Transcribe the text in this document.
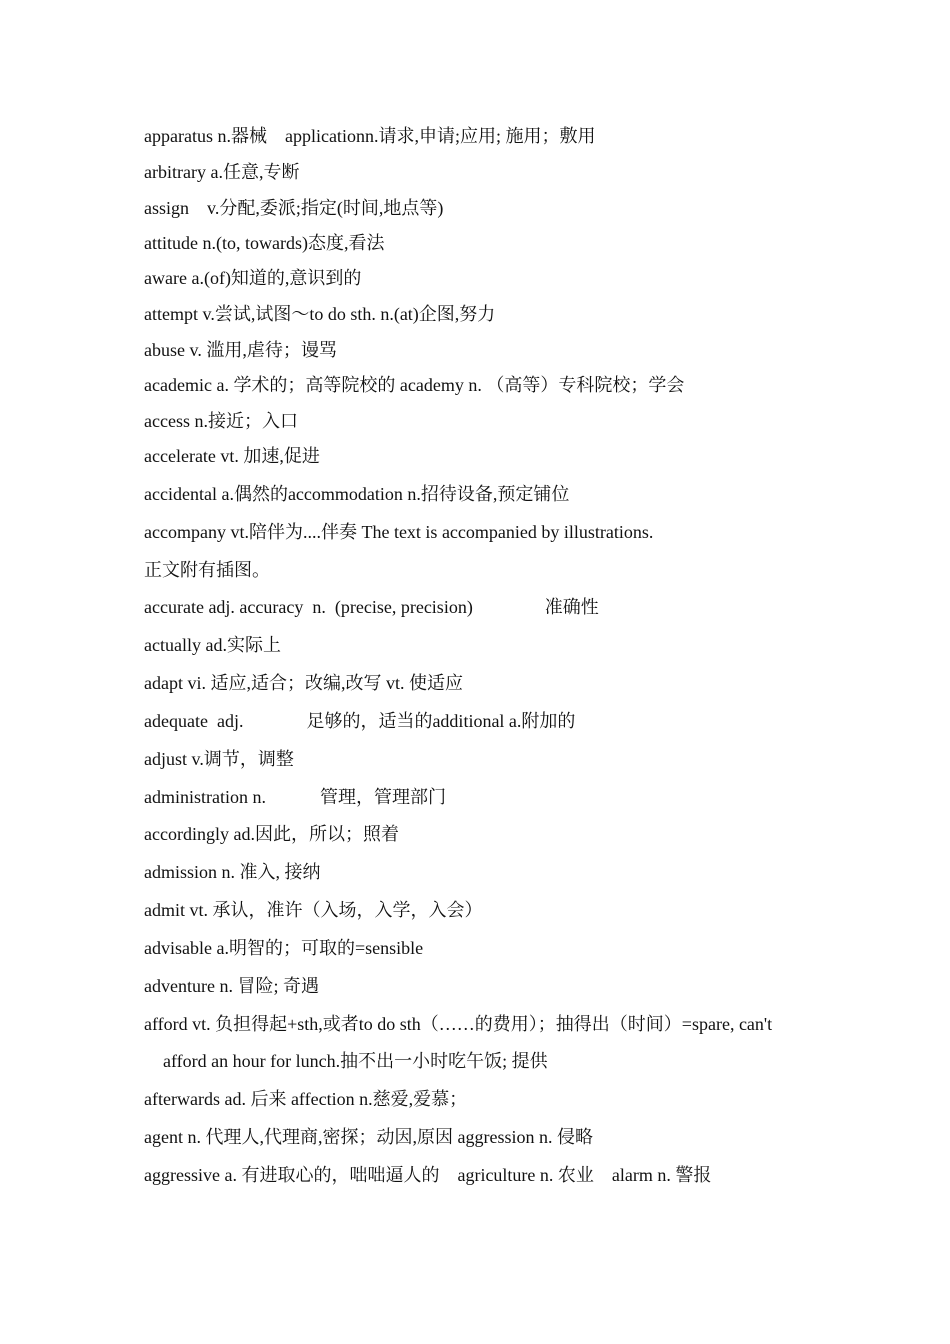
apparatus n.器械　applicationn.请求,申请;应用; 施用；敷用

arbitrary a.任意,专断

assign　v.分配,委派;指定(时间,地点等)

attitude n.(to, towards)态度,看法

aware a.(of)知道的,意识到的

attempt v.尝试,试图～to do sth. n.(at)企图,努力

abuse v. 滥用,虐待；谩骂

academic a. 学术的；高等院校的 academy n. （高等）专科院校；学会

access n.接近；入口

accelerate vt. 加速,促进

accidental a.偶然的accommodation n.招待设备,预定铺位

accompany vt.陪伴为....伴奏 The text is accompanied by illustrations.

正文附有插图。

accurate adj. accuracy  n.  (precise, precision)                准确性

actually ad.实际上

adapt vi. 适应,适合；改编,改写 vt. 使适应

adequate  adj.              足够的，适当的additional a.附加的

adjust v.调节，调整

administration n.            管理，管理部门

accordingly ad.因此，所以；照着

admission n. 准入, 接纳

admit vt. 承认，准许（入场，入学，入会）

advisable a.明智的；可取的=sensible

adventure n. 冒险; 奇遇

afford vt. 负担得起+sth,或者to do sth（……的费用）；抽得出（时间）=spare, can't

afford an hour for lunch.抽不出一小时吃午饭; 提供

afterwards ad. 后来 affection n.慈爱,爱慕；

agent n. 代理人,代理商,密探；动因,原因 aggression n. 侵略

aggressive a. 有进取心的，咄咄逼人的　agriculture n. 农业　alarm n. 警报
